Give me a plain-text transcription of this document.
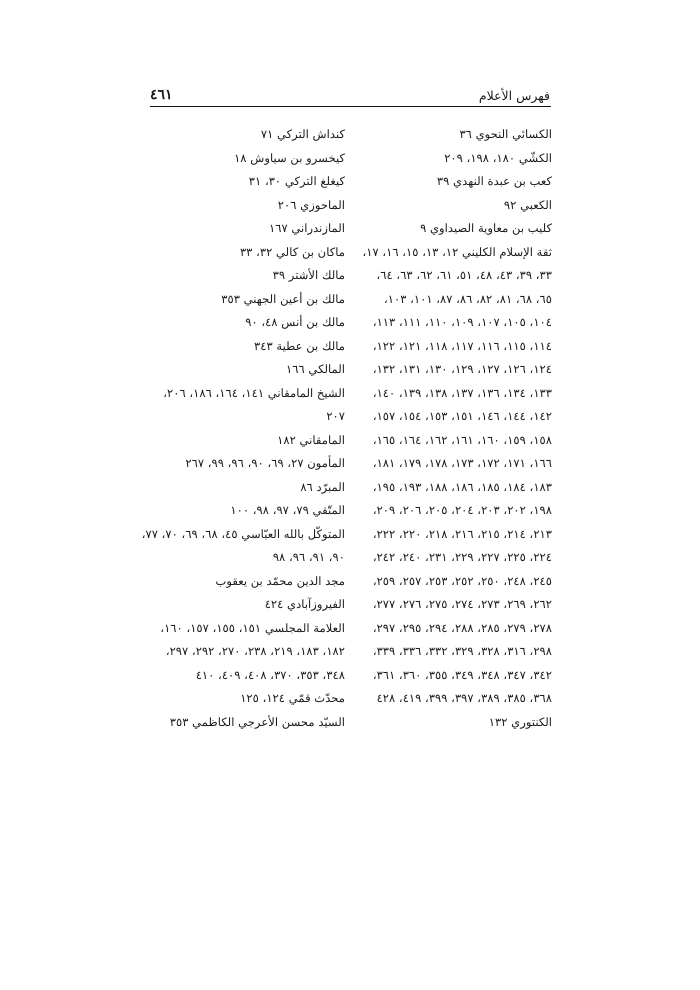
فهرس الأعلام
٤٦١
الكسائي النحوي ٣٦
الكشّي ١٨٠، ١٩٨، ٢٠٩
كعب بن عبدة النهدي ٣٩
الكعبي ٩٢
كليب بن معاوية الصيداوي ٩
ثقة الإسلام الكليني ١٢، ١٣، ١٥، ١٦، ١٧،
٣٣، ٣٩، ٤٣، ٤٨، ٥١، ٦١، ٦٢، ٦٣، ٦٤،
٦٥، ٦٨، ٨١، ٨٢، ٨٦، ٨٧، ١٠١، ١٠٣،
١٠٤، ١٠٥، ١٠٧، ١٠٩، ١١٠، ١١١، ١١٣،
١١٤، ١١٥، ١١٦، ١١٧، ١١٨، ١٢١، ١٢٢،
١٢٤، ١٢٦، ١٢٧، ١٢٩، ١٣٠، ١٣١، ١٣٢،
١٣٣، ١٣٤، ١٣٦، ١٣٧، ١٣٨، ١٣٩، ١٤٠،
١٤٢، ١٤٤، ١٤٦، ١٥١، ١٥٣، ١٥٤، ١٥٧،
١٥٨، ١٥٩، ١٦٠، ١٦١، ١٦٢، ١٦٤، ١٦٥،
١٦٦، ١٧١، ١٧٢، ١٧٣، ١٧٨، ١٧٩، ١٨١،
١٨٣، ١٨٤، ١٨٥، ١٨٦، ١٨٨، ١٩٣، ١٩٥،
١٩٨، ٢٠٢، ٢٠٣، ٢٠٤، ٢٠٥، ٢٠٦، ٢٠٩،
٢١٣، ٢١٤، ٢١٥، ٢١٦، ٢١٨، ٢٢٠، ٢٢٢،
٢٢٤، ٢٢٥، ٢٢٧، ٢٢٩، ٢٣١، ٢٤٠، ٢٤٢،
٢٤٥، ٢٤٨، ٢٥٠، ٢٥٢، ٢٥٣، ٢٥٧، ٢٥٩،
٢٦٢، ٢٦٩، ٢٧٣، ٢٧٤، ٢٧٥، ٢٧٦، ٢٧٧،
٢٧٨، ٢٧٩، ٢٨٥، ٢٨٨، ٢٩٤، ٢٩٥، ٢٩٧،
٢٩٨، ٣١٦، ٣٢٨، ٣٢٩، ٣٣٢، ٣٣٦، ٣٣٩،
٣٤٢، ٣٤٧، ٣٤٨، ٣٤٩، ٣٥٥، ٣٦٠، ٣٦١،
٣٦٨، ٣٨٥، ٣٨٩، ٣٩٧، ٣٩٩، ٤١٩، ٤٢٨
الكنتوري ١٣٢
كنداش التركي ٧١
كيخسرو بن سياوش ١٨
كيغلغ التركي ٣٠، ٣١
الماحوزي ٢٠٦
المازندراني ١٦٧
ماكان بن كالي ٣٢، ٣٣
مالك الأشتر ٣٩
مالك بن أعين الجهني ٣٥٣
مالك بن أنس ٤٨، ٩٠
مالك بن عطية ٣٤٣
المالكي ١٦٦
الشيخ المامقاني ١٤١، ١٦٤، ١٨٦، ٢٠٦،
٢٠٧
المامقاني ١٨٢
المأمون ٢٧، ٦٩، ٩٠، ٩٦، ٩٩، ٢٦٧
المبرّد ٨٦
المتّقي ٧٩، ٩٧، ٩٨، ١٠٠
المتوكّل بالله العبّاسي ٤٥، ٦٨، ٦٩، ٧٠، ٧٧،
٩٠، ٩١، ٩٦، ٩٨
مجد الدين محمّد بن يعقوب
الفيروزآبادي ٤٢٤
العلامة المجلسي ١٥١، ١٥٥، ١٥٧، ١٦٠،
١٨٢، ١٨٣، ٢١٩، ٢٣٨، ٢٧٠، ٢٩٢، ٢٩٧،
٣٤٨، ٣٥٣، ٣٧٠، ٤٠٨، ٤٠٩، ٤١٠
محدّث قمّي ١٢٤، ١٢٥
السيّد محسن الأعرجي الكاظمي ٣٥٣
